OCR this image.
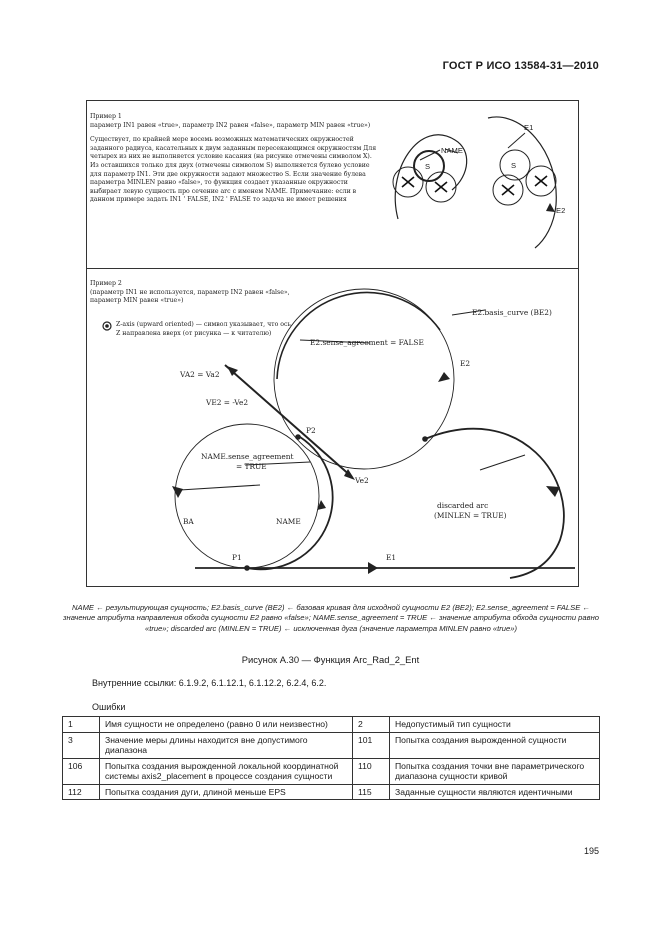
ГОСТ Р ИСО 13584-31—2010
Пример 1
параметр IN1 равен «true», параметр IN2 равен «false», параметр MIN равен «true»)
Существует, по крайней мере восемь возможных математических окружностей заданного радиуса, касательных к двум заданным пересекающимся окружностям Для четырех из них не выполняется условие касания (на рисунке отмечены символом X). Из оставшихся только для двух (отмечены символом S) выполняется булево условие для параметр IN1. Эти две окружности задают множество S. Если значение булева параметра MINLEN равно «false», то функция создает указанные окружности выбирает левую сущность про сечение arc с именем NAME. Примечание: если в данном примере задать IN1 ' FALSE, IN2 ' FALSE то задача не имеет решения
Пример 2
(параметр IN1 не используется, параметр IN2 равен «false», параметр MIN равен «true»)
Z-axis (upward oriented) — символ указывает, что ось Z направлена вверх (от рисунка — к читателю)
NAME
S	S
E1
E2
E2.basis_curve (BE2)
E2.sense_agreement = FALSE
E2
VA2 = Va2
VE2 = -Ve2
P2
Ve2
NAME.sense_agreement
= TRUE
BA	NAME
P1	E1
discarded arc
(MINLEN = TRUE)
NAME ← результирующая сущность; E2.basis_curve (BE2) ← базовая кривая для исходной сущности E2 (BE2); E2.sense_agreement = FALSE ← значение атрибута направления обхода сущности E2 равно «false»; NAME.sense_agreement = TRUE ← значение атрибута обхода сущности равно «true»; discarded arc (MINLEN = TRUE) ← исключенная дуга (значение параметра MINLEN равно «true»)
Рисунок А.30 — Функция Arc_Rad_2_Ent
Внутренние ссылки: 6.1.9.2, 6.1.12.1, 6.1.12.2, 6.2.4, 6.2.
Ошибки
1	Имя сущности не определено (равно 0 или неизвестно)	2	Недопустимый тип сущности
3	Значение меры длины находится вне допустимого диапазона	101	Попытка создания вырожденной сущности
106	Попытка создания вырожденной локальной координатной системы axis2_placement в процессе создания сущности	110	Попытка создания точки вне параметрического диапазона сущности кривой
112	Попытка создания дуги, длиной меньше EPS	115	Заданные сущности являются идентичными
195
